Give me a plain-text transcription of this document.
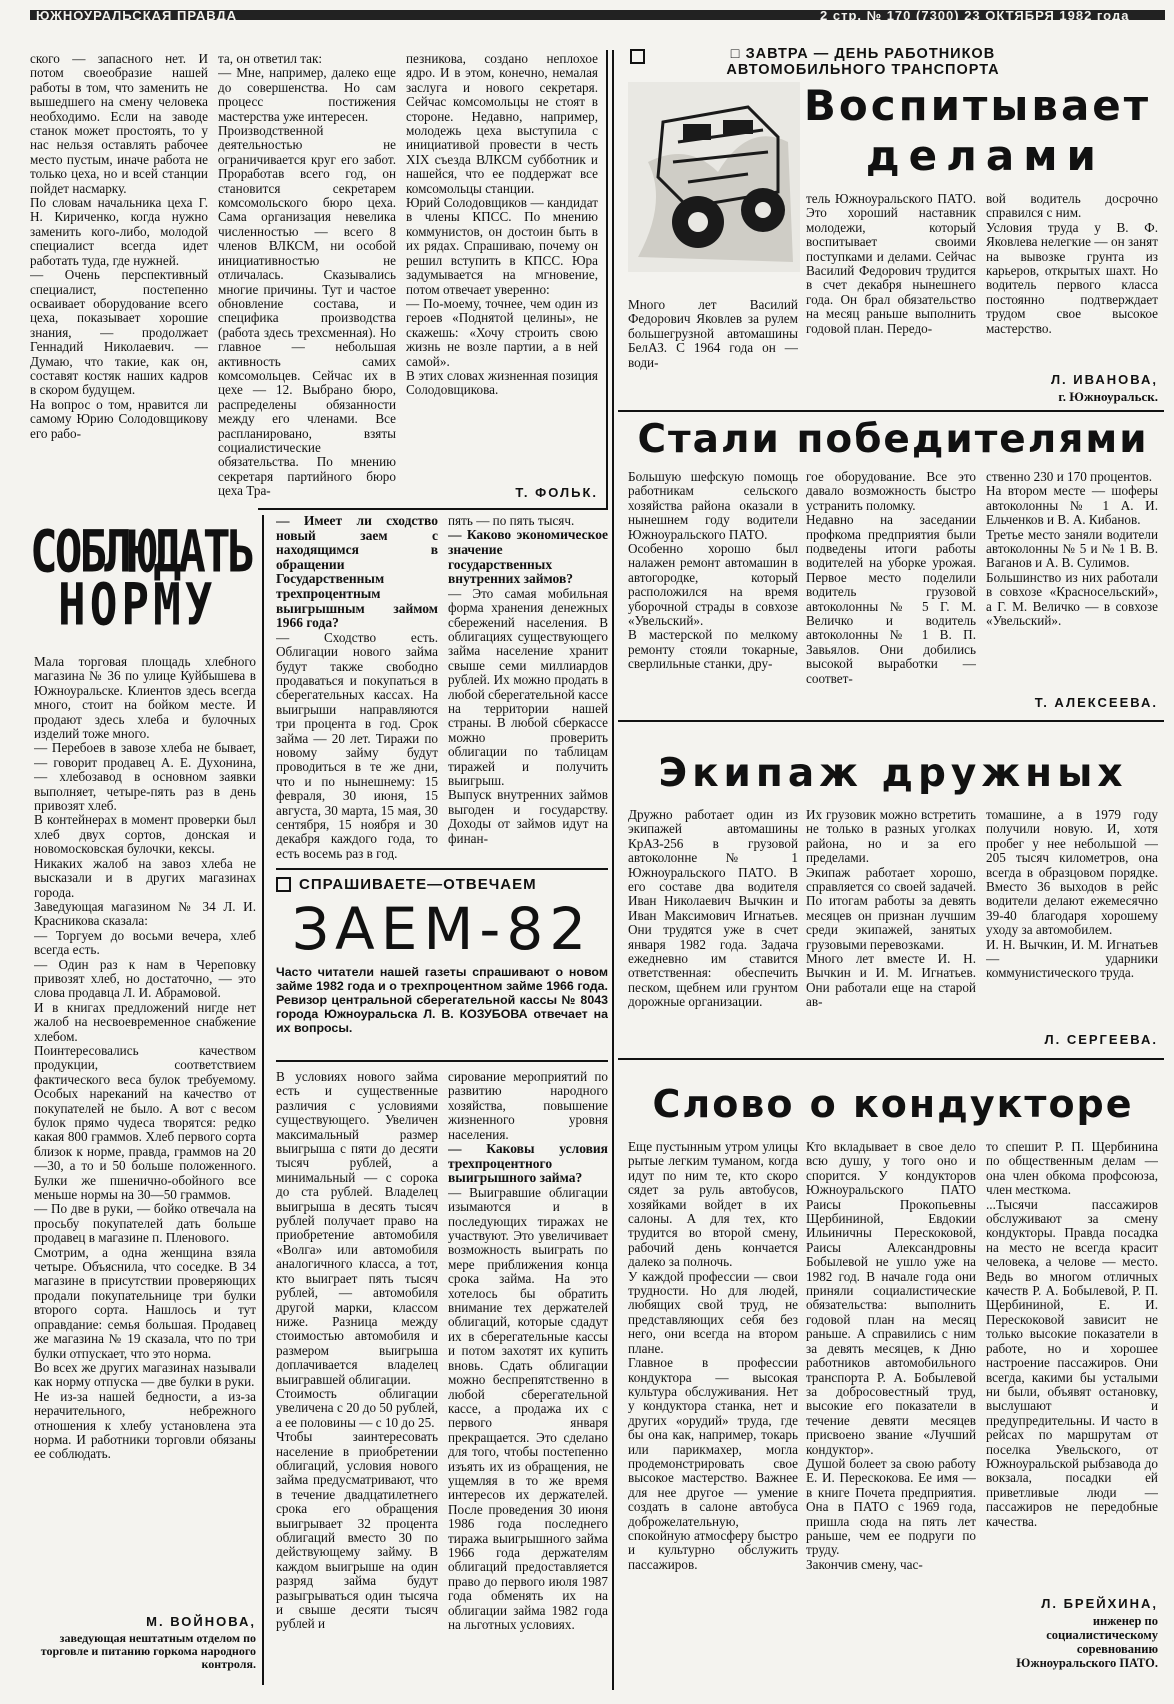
ЮЖНОУРАЛЬСКАЯ ПРАВДА	2 стр. № 170 (7300) 23 ОКТЯБРЯ 1982 года
ского — запасного нет. И потом своеобразие нашей работы в том, что заменить не вышедшего на смену человека необходимо. Если на заводе станок может простоять, то у нас нельзя оставлять рабочее место пустым, иначе работа не только цеха, но и всей станции пойдет насмарку.
По словам начальника цеха Г. Н. Кириченко, когда нужно заменить кого-либо, молодой специалист всегда идет работать туда, где нужней.
— Очень перспективный специалист, постепенно осваивает оборудование всего цеха, показывает хорошие знания, — продолжает Геннадий Николаевич. — Думаю, что такие, как он, составят костяк наших кадров в скором будущем.
На вопрос о том, нравится ли самому Юрию Солодовщикову его рабо-
та, он ответил так:
— Мне, например, далеко еще до совершенства. Но сам процесс постижения мастерства уже интересен.
Производственной деятельностью не ограничивается круг его забот. Проработав всего год, он становится секретарем комсомольского бюро цеха. Сама организация невелика численностью — всего 8 членов ВЛКСМ, ни особой инициативностью не отличалась. Сказывались многие причины. Тут и частое обновление состава, и специфика производства (работа здесь трехсменная). Но главное — небольшая активность самих комсомольцев. Сейчас их в цехе — 12. Выбрано бюро, распределены обязанности между его членами. Все распланировано, взяты социалистические обязательства. По мнению секретаря партийного бюро цеха Тра-
пезникова, создано неплохое ядро. И в этом, конечно, немалая заслуга и нового секретаря. Сейчас комсомольцы не стоят в стороне. Недавно, например, молодежь цеха выступила с инициативой провести в честь XIX съезда ВЛКСМ субботник и нашейся, что ее поддержат все комсомольцы станции.
Юрий Солодовщиков — кандидат в члены КПСС. По мнению коммунистов, он достоин быть в их рядах. Спрашиваю, почему он решил вступить в КПСС. Юра задумывается на мгновение, потом отвечает уверенно:
— По-моему, точнее, чем один из героев «Поднятой целины», не скажешь: «Хочу строить свою жизнь не возле партии, а в ней самой».
В этих словах жизненная позиция Солодовщикова.
Т. ФОЛЬК.
СОБЛЮДАТЬ
НОРМУ
Мала торговая площадь хлебного магазина № 36 по улице Куйбышева в Южноуральске. Клиентов здесь всегда много, стоит на бойком месте. И продают здесь хлеба и булочных изделий тоже много.
— Перебоев в завозе хлеба не бывает, — говорит продавец А. Е. Духонина, — хлебозавод в основном заявки выполняет, четыре-пять раз в день привозят хлеб.
В контейнерах в момент проверки был хлеб двух сортов, донская и новомосковская булочки, кексы.
Никаких жалоб на завоз хлеба не высказали и в других магазинах города.
Заведующая магазином № 34 Л. И. Красникова сказала:
— Торгуем до восьми вечера, хлеб всегда есть.
— Один раз к нам в Череповку привозят хлеб, но достаточно, — это слова продавца Л. И. Абрамовой.
И в книгах предложений нигде нет жалоб на несвоевременное снабжение хлебом.
Поинтересовались качеством продукции, соответствием фактического веса булок требуемому. Особых нареканий на качество от покупателей не было. А вот с весом булок прямо чудеса творятся: редко какая 800 граммов. Хлеб первого сорта близок к норме, правда, граммов на 20—30, а то и 50 больше положенного. Булки же пшенично-обойного все меньше нормы на 30—50 граммов.
— По две в руки, — бойко отвечала на просьбу покупателей дать больше продавец в магазине п. Пленового.
Смотрим, а одна женщина взяла четыре. Объяснила, что соседке. В 34 магазине в присутствии проверяющих продали покупательнице три булки второго сорта. Нашлось и тут оправдание: семья большая. Продавец же магазина № 19 сказала, что по три булки отпускает, что это норма.
Во всех же других магазинах называли как норму отпуска — две булки в руки.
Не из-за нашей бедности, а из-за нерачительного, небрежного отношения к хлебу установлена эта норма. И работники торговли обязаны ее соблюдать.
М. ВОЙНОВА,
заведующая нештатным отделом по торговле и питанию горкома народного контроля.
— Имеет ли сходство новый заем с находящимся в обращении Государственным трехпроцентным выигрышным займом 1966 года?
— Сходство есть. Облигации нового займа будут также свободно продаваться и покупаться в сберегательных кассах. На выигрыши направляются три процента в год. Срок займа — 20 лет. Тиражи по новому займу будут проводиться в те же дни, что и по нынешнему: 15 февраля, 30 июня, 15 августа, 30 марта, 15 мая, 30 сентября, 15 ноября и 30 декабря каждого года, то есть восемь раз в год.
пять — по пять тысяч.
— Каково экономическое значение государственных внутренних займов?
— Это самая мобильная форма хранения денежных сбережений населения. В облигациях существующего займа население хранит свыше семи миллиардов рублей. Их можно продать в любой сберегательной кассе на территории нашей страны. В любой сберкассе можно проверить облигации по таблицам тиражей и получить выигрыш.
Выпуск внутренних займов выгоден и государству. Доходы от займов идут на финан-
СПРАШИВАЕТЕ—ОТВЕЧАЕМ
ЗАЕМ-82
Часто читатели нашей газеты спрашивают о новом займе 1982 года и о трехпроцентном займе 1966 года. Ревизор центральной сберегательной кассы № 8043 города Южноуральска Л. В. КОЗУБОВА отвечает на их вопросы.
В условиях нового займа есть и существенные различия с условиями существующего. Увеличен максимальный размер выигрыша с пяти до десяти тысяч рублей, а минимальный — с сорока до ста рублей. Владелец выигрыша в десять тысяч рублей получает право на приобретение автомобиля «Волга» или автомобиля аналогичного класса, а тот, кто выиграет пять тысяч рублей, — автомобиля другой марки, классом ниже. Разница между стоимостью автомобиля и размером выигрыша доплачивается владелец выигравшей облигации.
Стоимость облигации увеличена с 20 до 50 рублей, а ее половины — с 10 до 25.
Чтобы заинтересовать население в приобретении облигаций, условия нового займа предусматривают, что в течение двадцатилетнего срока его обращения выигрывает 32 процента облигаций вместо 30 по действующему займу. В каждом выигрыше на один разряд займа будут разыгрываться один тысяча и свыше десяти тысяч рублей и
сирование мероприятий по развитию народного хозяйства, повышение жизненного уровня населения.
— Каковы условия трехпроцентного выигрышного займа?
— Выигравшие облигации изымаются и в последующих тиражах не участвуют. Это увеличивает возможность выиграть по мере приближения конца срока займа. На это хотелось бы обратить внимание тех держателей облигаций, которые сдадут их в сберегательные кассы и потом захотят их купить вновь. Сдать облигации можно беспрепятственно в любой сберегательной кассе, а продажа их с первого января прекращается. Это сделано для того, чтобы постепенно изъять их из обращения, не ущемляя в то же время интересов их держателей. После проведения 30 июня 1986 года последнего тиража выигрышного займа 1966 года держателям облигаций предоставляется право до первого июля 1987 года обменять их на облигации займа 1982 года на льготных условиях.
□ ЗАВТРА — ДЕНЬ РАБОТНИКОВ АВТОМОБИЛЬНОГО ТРАНСПОРТА
Воспитывает
делами
Много лет Василий Федорович Яковлев за рулем большегрузной автомашины БелАЗ. С 1964 года он — води-
тель Южноуральского ПАТО. Это хороший наставник молодежи, который воспитывает своими поступками и делами. Сейчас Василий Федорович трудится в счет декабря нынешнего года. Он брал обязательство на месяц раньше выполнить годовой план. Передо-
вой водитель досрочно справился с ним.
Условия труда у В. Ф. Яковлева нелегкие — он занят на вывозке грунта из карьеров, открытых шахт. Но водитель первого класса постоянно подтверждает трудом свое высокое мастерство.
Л. ИВАНОВА,
г. Южноуральск.
Стали победителями
Большую шефскую помощь работникам сельского хозяйства района оказали в нынешнем году водители Южноуральского ПАТО.
Особенно хорошо был налажен ремонт автомашин в автогородке, который расположился на время уборочной страды в совхозе «Увельский».
В мастерской по мелкому ремонту стояли токарные, сверлильные станки, дру-
гое оборудование. Все это давало возможность быстро устранить поломку.
Недавно на заседании профкома предприятия были подведены итоги работы водителей на уборке урожая. Первое место поделили водитель грузовой автоколонны № 5 Г. М. Величко и водитель автоколонны № 1 В. П. Завьялов. Они добились высокой выработки — соответ-
ственно 230 и 170 процентов.
На втором месте — шоферы автоколонны № 1 А. И. Ельченков и В. А. Кибанов.
Третье место заняли водители автоколонны № 5 и № 1 В. В. Ваганов и А. В. Сулимов.
Большинство из них работали в совхозе «Красносельский», а Г. М. Величко — в совхозе «Увельский».
Т. АЛЕКСЕЕВА.
Экипаж дружных
Дружно работает один из экипажей автомашины КрАЗ-256 в грузовой автоколонне № 1 Южноуральского ПАТО. В его составе два водителя Иван Николаевич Вычкин и Иван Максимович Игнатьев. Они трудятся уже в счет января 1982 года. Задача ежедневно им ставится ответственная: обеспечить песком, щебнем или грунтом дорожные организации.
Их грузовик можно встретить не только в разных уголках района, но и за его пределами.
Экипаж работает хорошо, справляется со своей задачей. По итогам работы за девять месяцев он признан лучшим среди экипажей, занятых грузовыми перевозками.
Много лет вместе И. Н. Вычкин и И. М. Игнатьев. Они работали еще на старой ав-
томашине, а в 1979 году получили новую. И, хотя пробег у нее небольшой — 205 тысяч километров, она всегда в образцовом порядке. Вместо 36 выходов в рейс водители делают ежемесячно 39-40 благодаря хорошему уходу за автомобилем.
И. Н. Вычкин, И. М. Игнатьев — ударники коммунистического труда.
Л. СЕРГЕЕВА.
Слово о кондукторе
Еще пустынным утром улицы рытые легким туманом, когда идут по ним те, кто скоро сядет за руль автобусов, хозяйками войдет в их салоны. А для тех, кто трудится во второй смену, рабочий день кончается далеко за полночь.
У каждой профессии — свои трудности. Но для людей, любящих свой труд, не представляющих себя без него, они всегда на втором плане.
Главное в профессии кондуктора — высокая культура обслуживания. Нет у кондуктора станка, нет и других «орудий» труда, где бы она как, например, токарь или парикмахер, могла продемонстрировать свое высокое мастерство. Важнее для нее другое — умение создать в салоне автобуса доброжелательную, спокойную атмосферу быстро и культурно обслужить пассажиров.
Кто вкладывает в свое дело всю душу, у того оно и спорится. У кондукторов Южноуральского ПАТО Раисы Прокопьевны Щербининой, Евдокии Ильиничны Перескоковой, Раисы Александровны Бобылевой не ушло уже на 1982 год. В начале года они приняли социалистические обязательства: выполнить годовой план на месяц раньше. А справились с ним за девять месяцев, к Дню работников автомобильного транспорта Р. А. Бобылевой за добросовестный труд, высокие его показатели в течение девяти месяцев присвоено звание «Лучший кондуктор».
Душой болеет за свою работу Е. И. Перескокова. Ее имя — в книге Почета предприятия. Она в ПАТО с 1969 года, пришла сюда на пять лет раньше, чем ее подруги по труду.
Закончив смену, час-
то спешит Р. П. Щербинина по общественным делам — она член обкома профсоюза, член месткома.
...Тысячи пассажиров обслуживают за смену кондукторы. Правда посадка на место не всегда красит человека, а челове — место. Ведь во многом отличных качеств Р. А. Бобылевой, Р. П. Щербининой, Е. И. Перескоковой зависит не только высокие показатели в работе, но и хорошее настроение пассажиров. Они всегда, какими бы усталыми ни были, объявят остановку, выслушают и предупредительны. И часто в рейсах по маршрутам от поселка Увельского, от Южноуральской рыбзавода до вокзала, посадки ей приветливые люди — пассажиров не передобные качества.
Л. БРЕЙХИНА,
инженер по социалистическому соревнованию Южноуральского ПАТО.
